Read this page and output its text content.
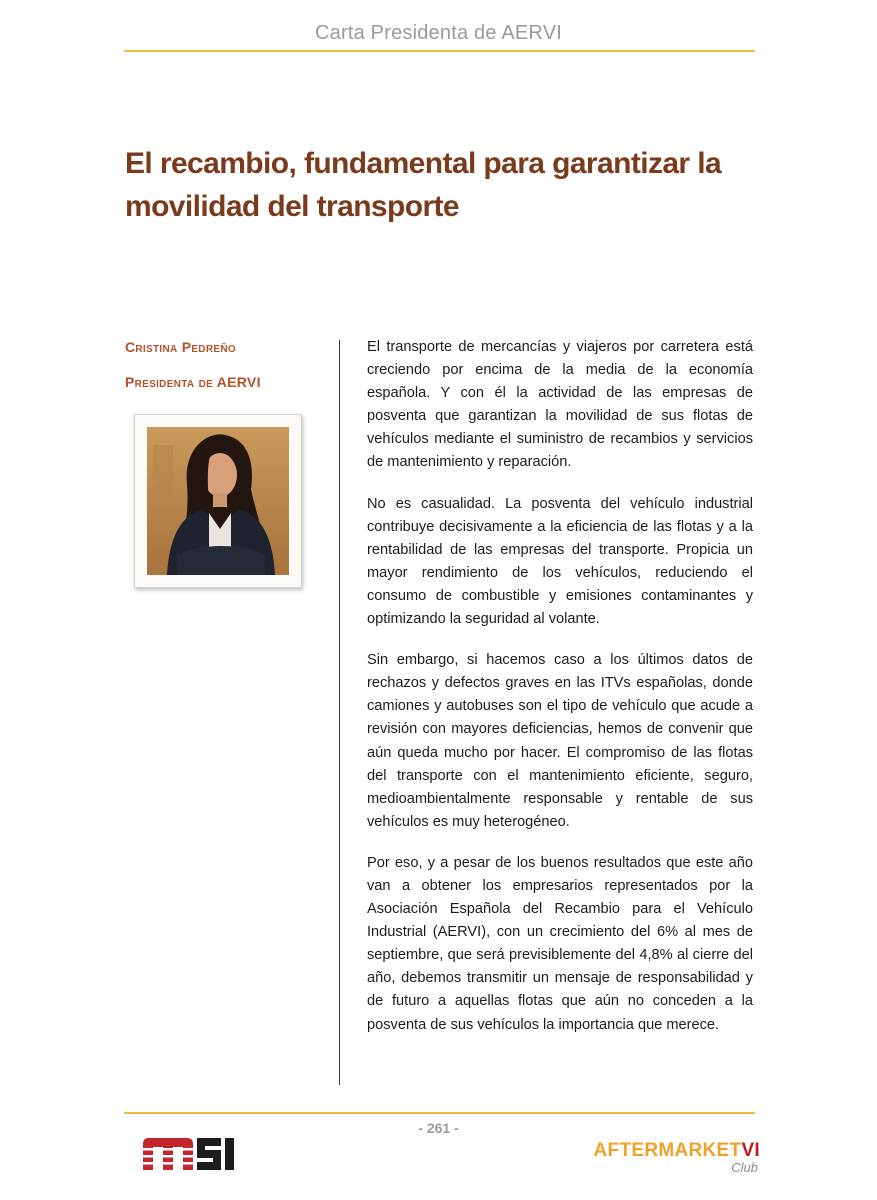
Carta Presidenta de AERVI
El recambio, fundamental para garantizar la movilidad del transporte
Cristina Pedreño
Presidenta de AERVI

El transporte de mercancías y viajeros por carretera está creciendo por encima de la media de la economía española. Y con él la actividad de las empresas de posventa que garantizan la movilidad de sus flotas de vehículos mediante el suministro de recambios y servicios de mantenimiento y reparación.

No es casualidad. La posventa del vehículo industrial contribuye decisivamente a la eficiencia de las flotas y a la rentabilidad de las empresas del transporte. Propicia un mayor rendimiento de los vehículos, reduciendo el consumo de combustible y emisiones contaminantes y optimizando la seguridad al volante.

Sin embargo, si hacemos caso a los últimos datos de rechazos y defectos graves en las ITVs españolas, donde camiones y autobuses son el tipo de vehículo que acude a revisión con mayores deficiencias, hemos de convenir que aún queda mucho por hacer. El compromiso de las flotas del transporte con el mantenimiento eficiente, seguro, medioambientalmente responsable y rentable de sus vehículos es muy heterogéneo.

Por eso, y a pesar de los buenos resultados que este año van a obtener los empresarios representados por la Asociación Española del Recambio para el Vehículo Industrial (AERVI), con un crecimiento del 6% al mes de septiembre, que será previsiblemente del 4,8% al cierre del año, debemos transmitir un mensaje de responsabilidad y de futuro a aquellas flotas que aún no conceden a la posventa de sus vehículos la importancia que merece.

- 261 -
AFTERMARKETVI
Club
